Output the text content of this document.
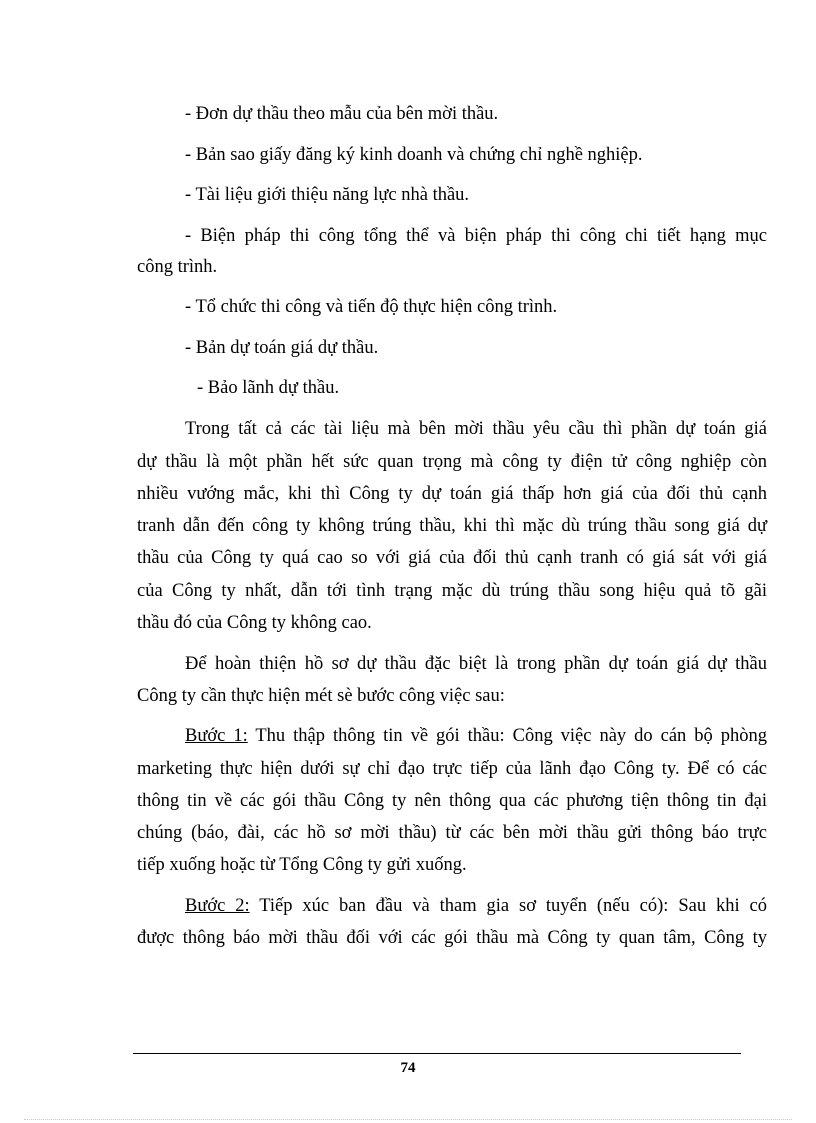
- Đơn dự thầu theo mẫu của bên mời thầu.
- Bản sao giấy đăng ký kinh doanh và chứng chỉ nghề nghiệp.
- Tài liệu giới thiệu năng lực nhà thầu.
- Biện pháp thi công tổng thể và biện pháp thi công chi tiết hạng mục
công trình.
- Tổ chức thi công và tiến độ thực hiện công trình.
- Bản dự toán giá dự thầu.
- Bảo lãnh dự thầu.
Trong tất cả các tài liệu mà bên mời thầu yêu cầu thì phần dự toán giá
dự thầu là một phần hết sức quan trọng mà công ty điện tử công nghiệp còn
nhiều vướng mắc, khi thì Công ty dự toán giá thấp hơn giá của đối thủ cạnh
tranh dẫn đến công ty không trúng thầu, khi thì mặc dù trúng thầu song giá dự
thầu của Công ty quá cao so với giá của đối thủ cạnh tranh có giá sát với giá
của Công ty nhất, dẫn tới tình trạng mặc dù trúng thầu song hiệu quả tõ gãi
thầu đó của Công ty không cao.
Để hoàn thiện hồ sơ dự thầu đặc biệt là trong phần dự toán giá dự thầu
Công ty cần thực hiện mét sè bước công việc sau:
Bước 1: Thu thập thông tin về gói thầu: Công việc này do cán bộ phòng
marketing thực hiện dưới sự chỉ đạo trực tiếp của lãnh đạo Công ty. Để có các
thông tin về các gói thầu Công ty nên thông qua các phương tiện thông tin đại
chúng (báo, đài, các hồ sơ mời thầu) từ các bên mời thầu gửi thông báo trực
tiếp xuống hoặc từ Tổng Công ty gửi xuống.
Bước 2: Tiếp xúc ban đầu và tham gia sơ tuyển (nếu có): Sau khi có
được thông báo mời thầu đối với các gói thầu mà Công ty quan tâm, Công ty
74
